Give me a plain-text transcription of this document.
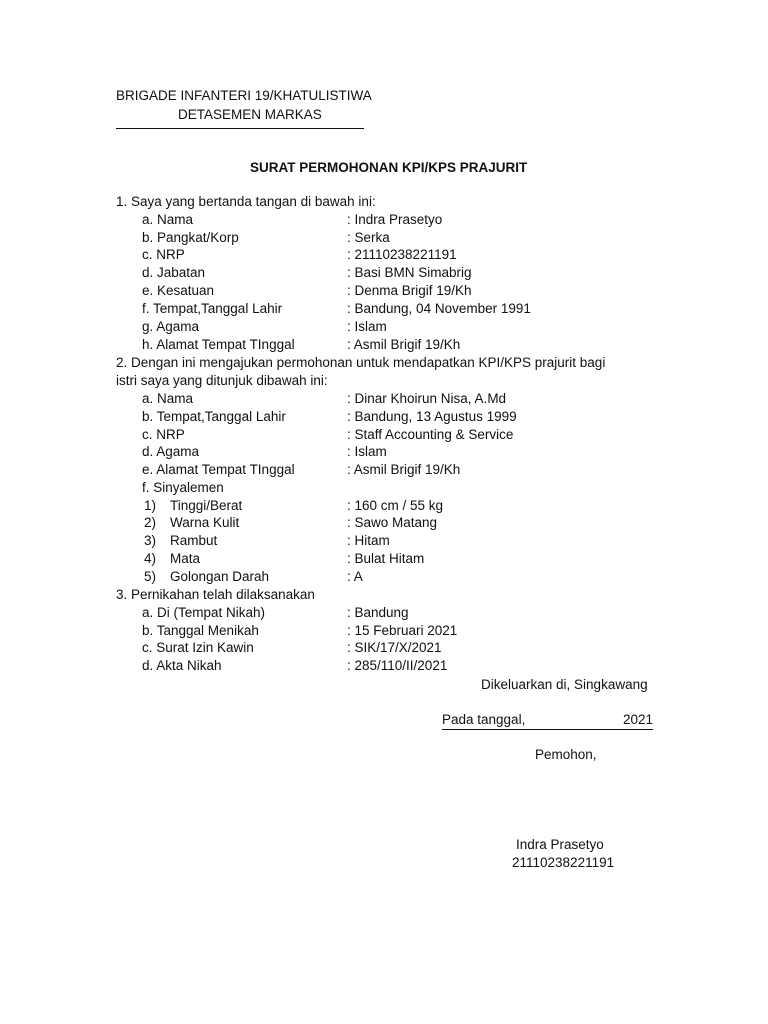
BRIGADE INFANTERI 19/KHATULISTIWA
DETASEMEN MARKAS
SURAT PERMOHONAN KPI/KPS PRAJURIT
1. Saya yang bertanda tangan di bawah ini:
a. Nama	: Indra Prasetyo
b. Pangkat/Korp	: Serka
c. NRP	: 21110238221191
d. Jabatan	: Basi BMN Simabrig
e. Kesatuan	: Denma Brigif 19/Kh
f. Tempat,Tanggal Lahir	: Bandung, 04 November 1991
g. Agama	: Islam
h. Alamat Tempat TInggal	: Asmil Brigif 19/Kh
2. Dengan ini mengajukan permohonan untuk mendapatkan KPI/KPS prajurit bagi
istri saya yang ditunjuk dibawah ini:
a. Nama	: Dinar Khoirun Nisa, A.Md
b. Tempat,Tanggal Lahir	: Bandung, 13 Agustus 1999
c. NRP	: Staff Accounting & Service
d. Agama	: Islam
e. Alamat Tempat TInggal	: Asmil Brigif 19/Kh
f. Sinyalemen
1) Tinggi/Berat	: 160 cm / 55 kg
2) Warna Kulit	: Sawo Matang
3) Rambut	: Hitam
4) Mata	: Bulat Hitam
5) Golongan Darah	: A
3. Pernikahan telah dilaksanakan
a. Di (Tempat Nikah)	: Bandung
b. Tanggal Menikah	: 15 Februari 2021
c. Surat Izin Kawin	: SIK/17/X/2021
d. Akta Nikah	: 285/110/II/2021
Dikeluarkan di, Singkawang
Pada tanggal,	2021
Pemohon,
Indra Prasetyo
21110238221191
